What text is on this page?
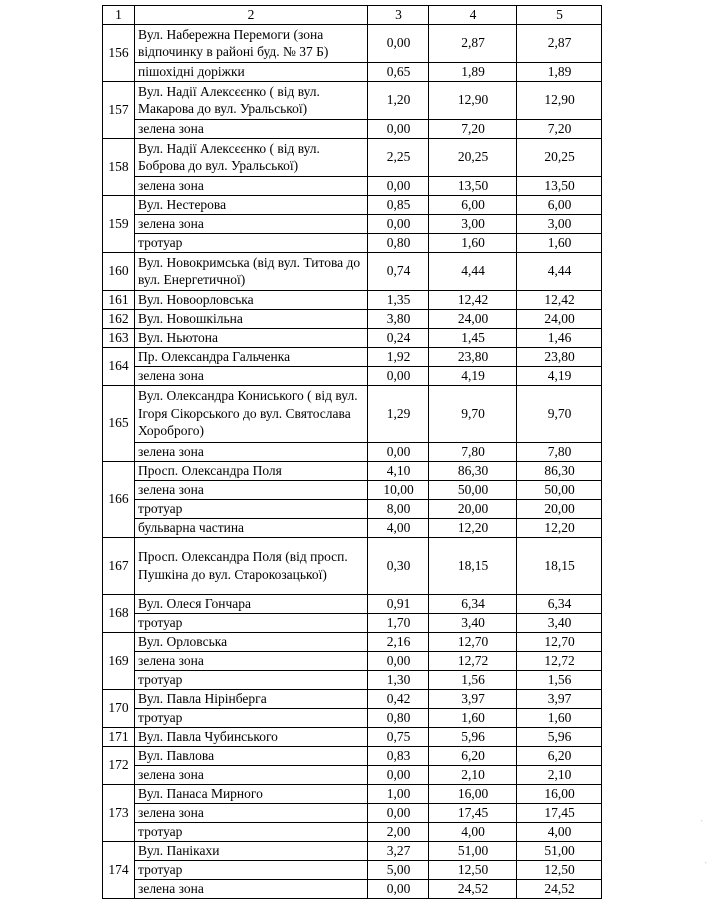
1	2	3	4	5
156	Вул. Набережна Перемоги (зона відпочинку в районі буд. № 37 Б)	0,00	2,87	2,87
	пішохідні доріжки	0,65	1,89	1,89
157	Вул. Надії Алексєєнко ( від вул. Макарова до вул. Уральської)	1,20	12,90	12,90
	зелена зона	0,00	7,20	7,20
158	Вул. Надії Алексєєнко ( від вул. Боброва до вул. Уральської)	2,25	20,25	20,25
	зелена зона	0,00	13,50	13,50
159	Вул. Нестерова	0,85	6,00	6,00
	зелена зона	0,00	3,00	3,00
	тротуар	0,80	1,60	1,60
160	Вул. Новокримська (від вул. Титова до вул. Енергетичної)	0,74	4,44	4,44
161	Вул. Новоорловська	1,35	12,42	12,42
162	Вул. Новошкільна	3,80	24,00	24,00
163	Вул. Ньютона	0,24	1,45	1,46
164	Пр. Олександра Гальченка	1,92	23,80	23,80
	зелена зона	0,00	4,19	4,19
165	Вул. Олександра Кониського ( від вул. Ігоря Сікорського до вул. Святослава Хороброго)	1,29	9,70	9,70
	зелена зона	0,00	7,80	7,80
166	Просп. Олександра Поля	4,10	86,30	86,30
	зелена зона	10,00	50,00	50,00
	тротуар	8,00	20,00	20,00
	бульварна частина	4,00	12,20	12,20
167	Просп. Олександра Поля (від просп. Пушкіна до вул. Старокозацької)	0,30	18,15	18,15
168	Вул. Олеся Гончара	0,91	6,34	6,34
	тротуар	1,70	3,40	3,40
169	Вул. Орловська	2,16	12,70	12,70
	зелена зона	0,00	12,72	12,72
	тротуар	1,30	1,56	1,56
170	Вул. Павла Нірінберга	0,42	3,97	3,97
	тротуар	0,80	1,60	1,60
171	Вул. Павла Чубинського	0,75	5,96	5,96
172	Вул. Павлова	0,83	6,20	6,20
	зелена зона	0,00	2,10	2,10
173	Вул. Панаса Мирного	1,00	16,00	16,00
	зелена зона	0,00	17,45	17,45
	тротуар	2,00	4,00	4,00
174	Вул. Панікахи	3,27	51,00	51,00
	тротуар	5,00	12,50	12,50
	зелена зона	0,00	24,52	24,52
ˌ
ˈ
